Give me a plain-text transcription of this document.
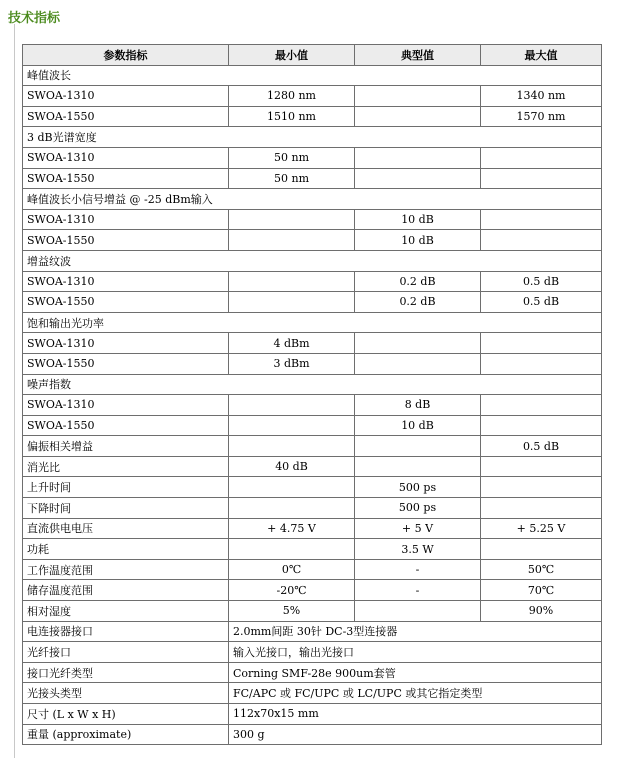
技术指标
参数指标	最小值	典型值	最大值
峰值波长			
SWOA-1310	1280 nm		1340 nm
SWOA-1550	1510 nm		1570 nm
3 dB光谱宽度			
SWOA-1310	50 nm		
SWOA-1550	50 nm		
峰值波长小信号增益 @ -25 dBm输入			
SWOA-1310		10 dB	
SWOA-1550		10 dB	
增益纹波			
SWOA-1310		0.2 dB	0.5 dB
SWOA-1550		0.2 dB	0.5 dB
饱和输出光功率			
SWOA-1310	4 dBm		
SWOA-1550	3 dBm		
噪声指数			
SWOA-1310		8 dB	
SWOA-1550		10 dB	
偏振相关增益			0.5 dB
消光比	40 dB		
上升时间		500 ps	
下降时间		500 ps	
直流供电电压	+ 4.75 V	+ 5 V	+ 5.25 V
功耗		3.5 W	
工作温度范围	0℃	-	50℃
储存温度范围	-20℃	-	70℃
相对湿度	5%		90%
电连接器接口	2.0mm间距 30针 DC-3型连接器		
光纤接口	输入光接口，输出光接口		
接口光纤类型	Corning SMF-28e 900um套管		
光接头类型	FC/APC 或 FC/UPC 或 LC/UPC 或其它指定类型		
尺寸 (L x W x H)	112x70x15 mm		
重量 (approximate)	300 g		
